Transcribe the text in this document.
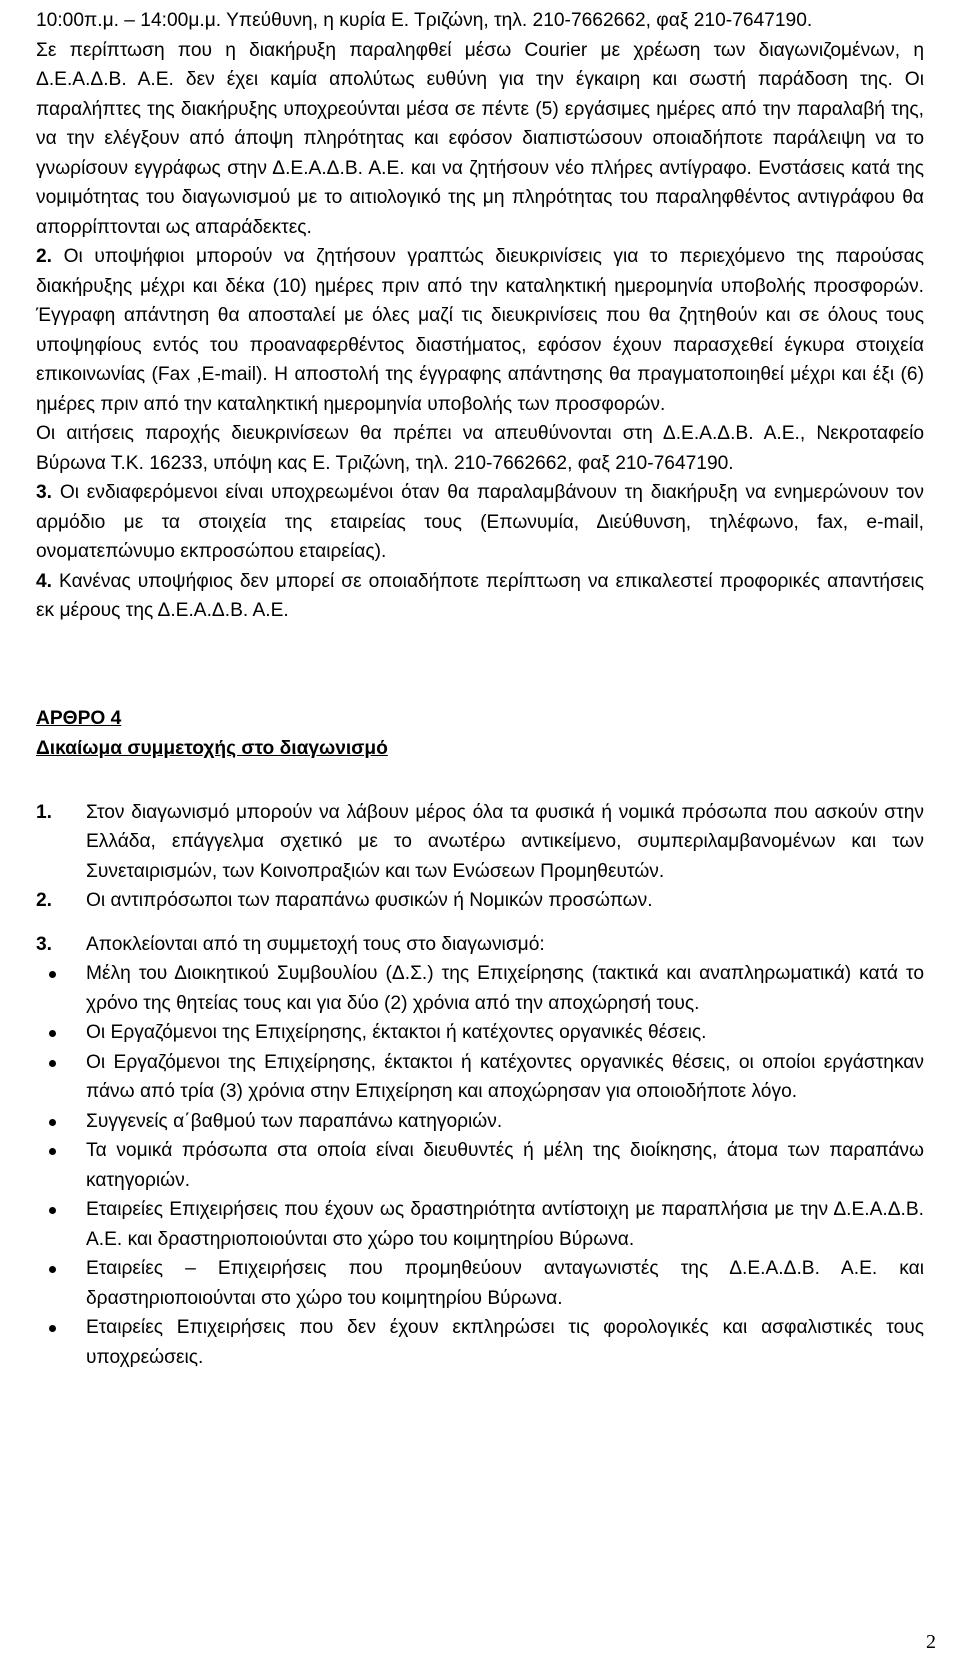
10:00π.μ. – 14:00μ.μ. Υπεύθυνη, η κυρία Ε. Τριζώνη, τηλ. 210-7662662, φαξ 210-7647190.

Σε περίπτωση που η διακήρυξη παραληφθεί μέσω Courier με χρέωση των διαγωνιζομένων, η Δ.Ε.Α.Δ.Β. Α.Ε. δεν έχει καμία απολύτως ευθύνη για την έγκαιρη και σωστή παράδοση της. Οι παραλήπτες της διακήρυξης υποχρεούνται μέσα σε πέντε (5) εργάσιμες ημέρες από την παραλαβή της, να την ελέγξουν από άποψη πληρότητας και εφόσον διαπιστώσουν οποιαδήποτε παράλειψη να το γνωρίσουν εγγράφως στην Δ.Ε.Α.Δ.Β. Α.Ε. και να ζητήσουν νέο πλήρες αντίγραφο. Ενστάσεις κατά της νομιμότητας του διαγωνισμού με το αιτιολογικό της μη πληρότητας του παραληφθέντος αντιγράφου θα απορρίπτονται ως απαράδεκτες.

2. Οι υποψήφιοι μπορούν να ζητήσουν γραπτώς διευκρινίσεις για το περιεχόμενο της παρούσας διακήρυξης μέχρι και δέκα (10) ημέρες πριν από την καταληκτική ημερομηνία υποβολής προσφορών. Έγγραφη απάντηση θα αποσταλεί με όλες μαζί τις διευκρινίσεις που θα ζητηθούν και σε όλους τους υποψηφίους εντός του προαναφερθέντος διαστήματος, εφόσον έχουν παρασχεθεί έγκυρα στοιχεία επικοινωνίας (Fax ,E-mail). Η αποστολή της έγγραφης απάντησης θα πραγματοποιηθεί μέχρι και έξι (6) ημέρες πριν από την καταληκτική ημερομηνία υποβολής των προσφορών.

Οι αιτήσεις παροχής διευκρινίσεων θα πρέπει να απευθύνονται στη Δ.Ε.Α.Δ.Β. Α.Ε., Νεκροταφείο Βύρωνα Τ.Κ. 16233, υπόψη κας Ε. Τριζώνη, τηλ. 210-7662662, φαξ 210-7647190.

3. Οι ενδιαφερόμενοι είναι υποχρεωμένοι όταν θα παραλαμβάνουν τη διακήρυξη να ενημερώνουν τον αρμόδιο με τα στοιχεία της εταιρείας τους (Επωνυμία, Διεύθυνση, τηλέφωνο, fax, e-mail, ονοματεπώνυμο εκπροσώπου εταιρείας).

4. Κανένας υποψήφιος δεν μπορεί σε οποιαδήποτε περίπτωση να επικαλεστεί προφορικές απαντήσεις εκ μέρους της Δ.Ε.Α.Δ.Β. Α.Ε.

ΑΡΘΡΟ 4
Δικαίωμα συμμετοχής στο διαγωνισμό
1. Στον διαγωνισμό μπορούν να λάβουν μέρος όλα τα φυσικά ή νομικά πρόσωπα που ασκούν στην Ελλάδα, επάγγελμα σχετικό με το ανωτέρω αντικείμενο, συμπεριλαμβανομένων και των Συνεταιρισμών, των Κοινοπραξιών και των Ενώσεων Προμηθευτών.
2. Οι αντιπρόσωποι των παραπάνω φυσικών ή Νομικών προσώπων.
3. Αποκλείονται από τη συμμετοχή τους στο διαγωνισμό:
Μέλη του Διοικητικού Συμβουλίου (Δ.Σ.) της Επιχείρησης (τακτικά και αναπληρωματικά) κατά το χρόνο της θητείας τους και για δύο (2) χρόνια από την αποχώρησή τους.
Οι Εργαζόμενοι της Επιχείρησης, έκτακτοι ή κατέχοντες οργανικές θέσεις.
Οι Εργαζόμενοι της Επιχείρησης, έκτακτοι ή κατέχοντες οργανικές θέσεις, οι οποίοι εργάστηκαν πάνω από τρία (3) χρόνια στην Επιχείρηση και αποχώρησαν για οποιοδήποτε λόγο.
Συγγενείς α΄βαθμού των παραπάνω κατηγοριών.
Τα νομικά πρόσωπα στα οποία είναι διευθυντές ή μέλη της διοίκησης, άτομα των παραπάνω κατηγοριών.
Εταιρείες Επιχειρήσεις που έχουν ως δραστηριότητα αντίστοιχη με παραπλήσια με την Δ.Ε.Α.Δ.Β. Α.Ε. και δραστηριοποιούνται στο χώρο του κοιμητηρίου Βύρωνα.
Εταιρείες – Επιχειρήσεις που προμηθεύουν ανταγωνιστές της Δ.Ε.Α.Δ.Β. Α.Ε. και δραστηριοποιούνται στο χώρο του κοιμητηρίου Βύρωνα.
Εταιρείες Επιχειρήσεις που δεν έχουν εκπληρώσει τις φορολογικές και ασφαλιστικές τους υποχρεώσεις.
2
